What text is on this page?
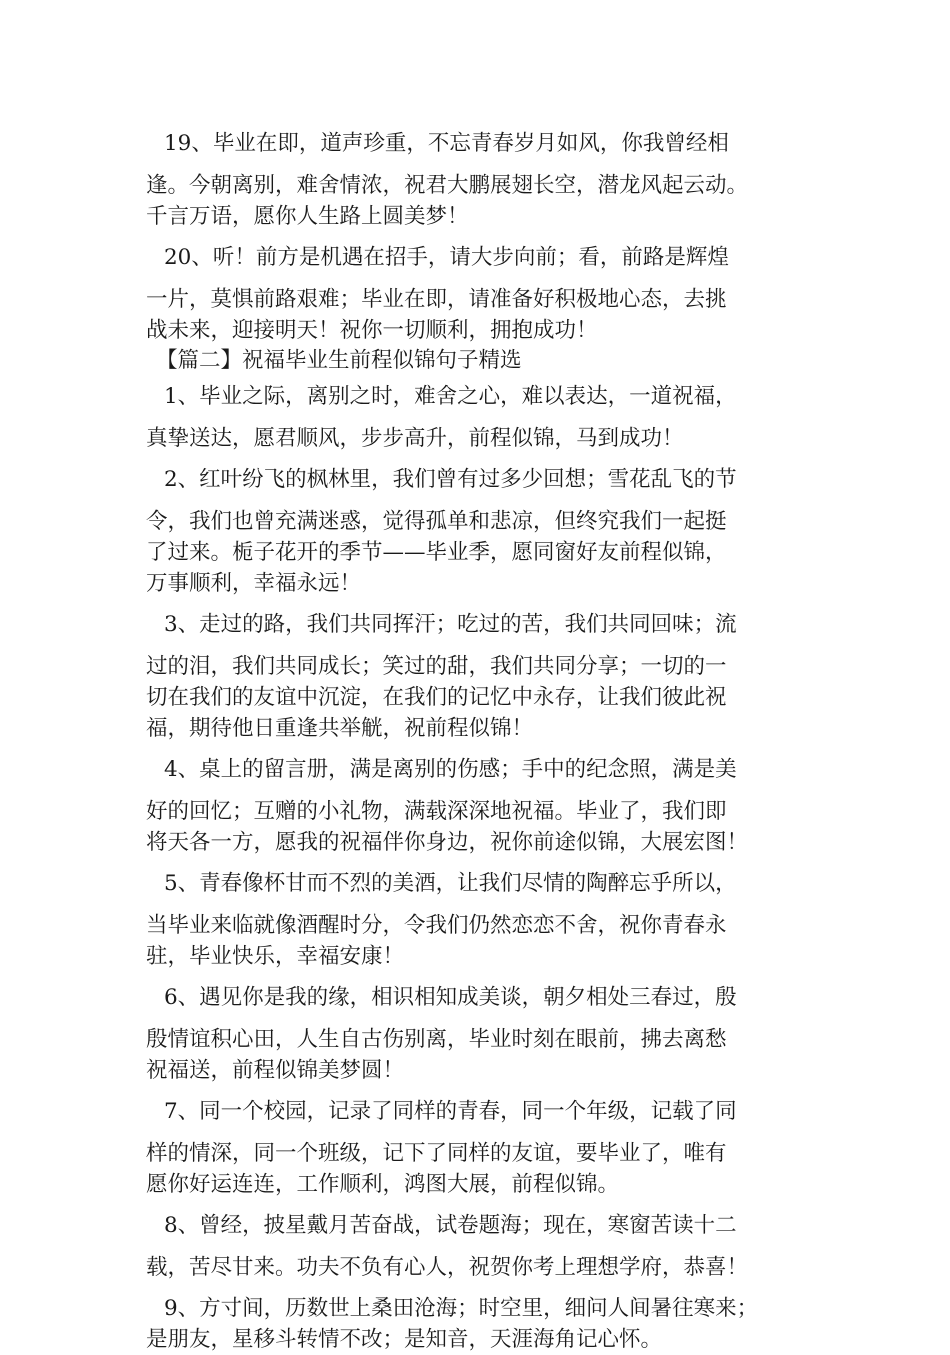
19、毕业在即，道声珍重，不忘青春岁月如风，你我曾经相
逢。今朝离别，难舍情浓，祝君大鹏展翅长空，潜龙风起云动。
千言万语，愿你人生路上圆美梦！
20、听！前方是机遇在招手，请大步向前；看，前路是辉煌
一片，莫惧前路艰难；毕业在即，请准备好积极地心态，去挑
战未来，迎接明天！祝你一切顺利，拥抱成功！
【篇二】祝福毕业生前程似锦句子精选
1、毕业之际，离别之时，难舍之心，难以表达，一道祝福，
真挚送达，愿君顺风，步步高升，前程似锦，马到成功！
2、红叶纷飞的枫林里，我们曾有过多少回想；雪花乱飞的节
令，我们也曾充满迷惑，觉得孤单和悲凉，但终究我们一起挺
了过来。栀子花开的季节——毕业季，愿同窗好友前程似锦，
万事顺利，幸福永远！
3、走过的路，我们共同挥汗；吃过的苦，我们共同回味；流
过的泪，我们共同成长；笑过的甜，我们共同分享；一切的一
切在我们的友谊中沉淀，在我们的记忆中永存，让我们彼此祝
福，期待他日重逢共举觥，祝前程似锦！
4、桌上的留言册，满是离别的伤感；手中的纪念照，满是美
好的回忆；互赠的小礼物，满载深深地祝福。毕业了，我们即
将天各一方，愿我的祝福伴你身边，祝你前途似锦，大展宏图！
5、青春像杯甘而不烈的美酒，让我们尽情的陶醉忘乎所以，
当毕业来临就像酒醒时分，令我们仍然恋恋不舍，祝你青春永
驻，毕业快乐，幸福安康！
6、遇见你是我的缘，相识相知成美谈，朝夕相处三春过，殷
殷情谊积心田，人生自古伤别离，毕业时刻在眼前，拂去离愁
祝福送，前程似锦美梦圆！
7、同一个校园，记录了同样的青春，同一个年级，记载了同
样的情深，同一个班级，记下了同样的友谊，要毕业了，唯有
愿你好运连连，工作顺利，鸿图大展，前程似锦。
8、曾经，披星戴月苦奋战，试卷题海；现在，寒窗苦读十二
载，苦尽甘来。功夫不负有心人，祝贺你考上理想学府，恭喜！
9、方寸间，历数世上桑田沧海；时空里，细问人间暑往寒来；
是朋友，星移斗转情不改；是知音，天涯海角记心怀。
